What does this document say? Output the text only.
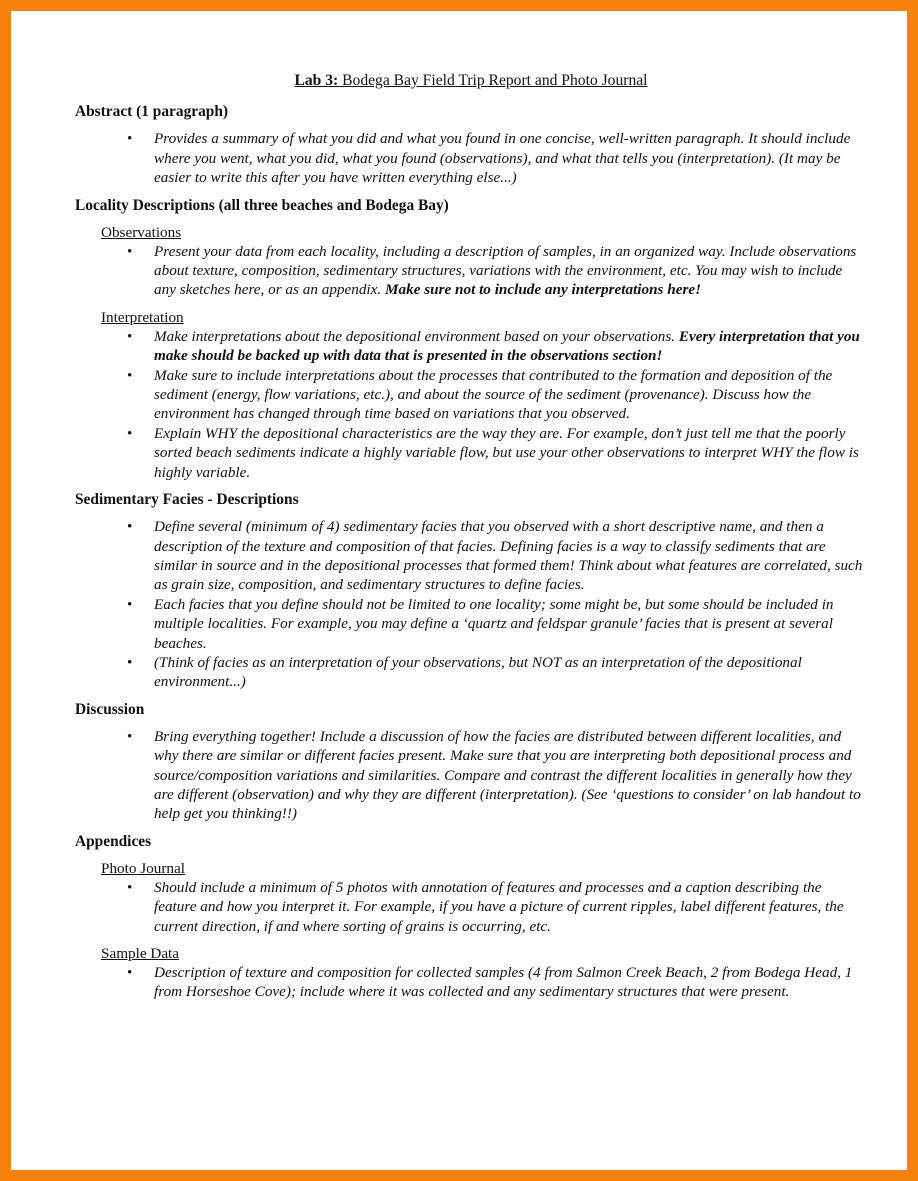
Lab 3: Bodega Bay Field Trip Report and Photo Journal

Abstract (1 paragraph)
• Provides a summary of what you did and what you found in one concise, well-written paragraph. It should include where you went, what you did, what you found (observations), and what that tells you (interpretation). (It may be easier to write this after you have written everything else...)
Locality Descriptions (all three beaches and Bodega Bay)

Observations

• Present your data from each locality, including a description of samples, in an organized way. Include observations about texture, composition, sedimentary structures, variations with the environment, etc. You may wish to include any sketches here, or as an appendix. Make sure not to include any interpretations here!

Interpretation

• Make interpretations about the depositional environment based on your observations. Every interpretation that you make should be backed up with data that is presented in the observations section!
• Make sure to include interpretations about the processes that contributed to the formation and deposition of the sediment (energy, flow variations, etc.), and about the source of the sediment (provenance). Discuss how the environment has changed through time based on variations that you observed.
• Explain WHY the depositional characteristics are the way they are. For example, don’t just tell me that the poorly sorted beach sediments indicate a highly variable flow, but use your other observations to interpret WHY the flow is highly variable.
Sedimentary Facies - Descriptions
• Define several (minimum of 4) sedimentary facies that you observed with a short descriptive name, and then a description of the texture and composition of that facies. Defining facies is a way to classify sediments that are similar in source and in the depositional processes that formed them! Think about what features are correlated, such as grain size, composition, and sedimentary structures to define facies.
• Each facies that you define should not be limited to one locality; some might be, but some should be included in multiple localities. For example, you may define a ‘quartz and feldspar granule’ facies that is present at several beaches.
• (Think of facies as an interpretation of your observations, but NOT as an interpretation of the depositional environment...)
Discussion
• Bring everything together! Include a discussion of how the facies are distributed between different localities, and why there are similar or different facies present. Make sure that you are interpreting both depositional process and source/composition variations and similarities. Compare and contrast the different localities in generally how they are different (observation) and why they are different (interpretation). (See ‘questions to consider’ on lab handout to help get you thinking!!)
Appendices

Photo Journal

• Should include a minimum of 5 photos with annotation of features and processes and a caption describing the feature and how you interpret it. For example, if you have a picture of current ripples, label different features, the current direction, if and where sorting of grains is occurring, etc.

Sample Data

• Description of texture and composition for collected samples (4 from Salmon Creek Beach, 2 from Bodega Head, 1 from Horseshoe Cove); include where it was collected and any sedimentary structures that were present.
